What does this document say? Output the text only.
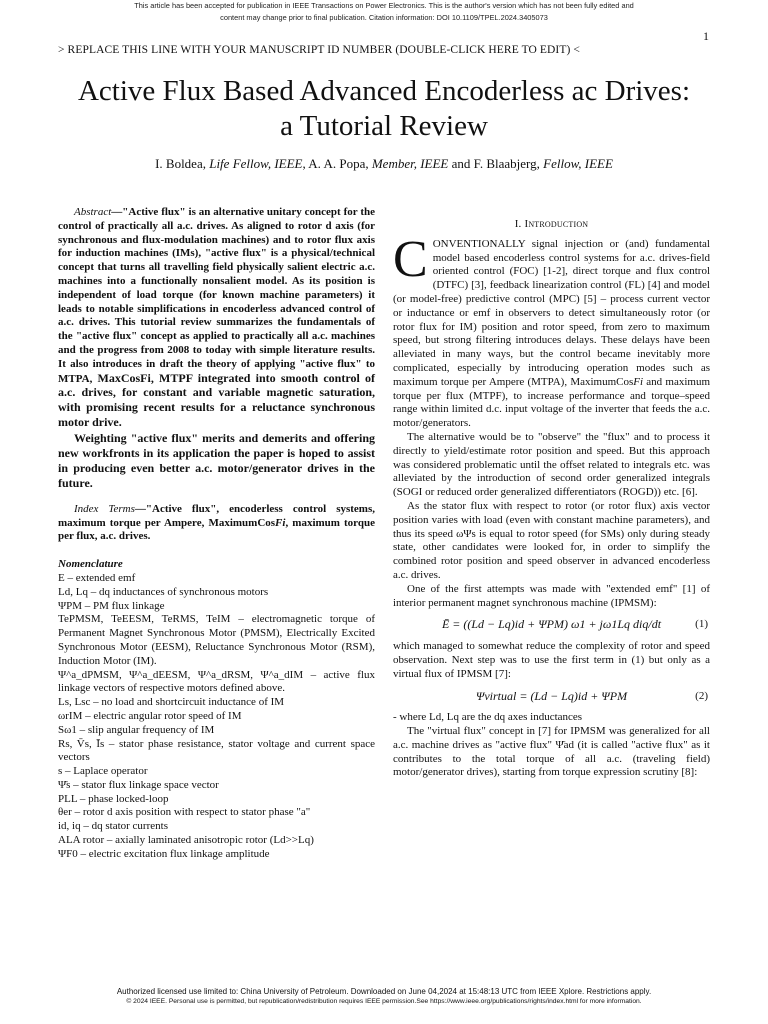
This article has been accepted for publication in IEEE Transactions on Power Electronics. This is the author's version which has not been fully edited and
content may change prior to final publication. Citation information: DOI 10.1109/TPEL.2024.3405073
1
> REPLACE THIS LINE WITH YOUR MANUSCRIPT ID NUMBER (DOUBLE-CLICK HERE TO EDIT) <
Active Flux Based Advanced Encoderless ac Drives:
a Tutorial Review
I. Boldea, Life Fellow, IEEE, A. A. Popa, Member, IEEE and F. Blaabjerg, Fellow, IEEE

Abstract—"Active flux" is an alternative unitary concept for the control of practically all a.c. drives. As aligned to rotor d axis (for synchronous and flux-modulation machines) and to rotor flux axis for induction machines (IMs), "active flux" is a physical/technical concept that turns all travelling field physically salient electric a.c. machines into a functionally nonsalient model. As its position is independent of load torque (for known machine parameters) it leads to notable simplifications in encoderless advanced control of a.c. drives. This tutorial review summarizes the fundamentals of the "active flux" concept as applied to practically all a.c. machines and the progress from 2008 to today with simple literature results. It also introduces in draft the theory of applying "active flux" to MTPA, MaxCosFi, MTPF integrated into smooth control of a.c. drives, for constant and variable magnetic saturation, with promising recent results for a reluctance synchronous motor drive.

Weighting "active flux" merits and demerits and offering new workfronts in its application the paper is hoped to assist in producing even better a.c. motor/generator drives in the future.

Index Terms—"Active flux", encoderless control systems, maximum torque per Ampere, MaximumCosFi, maximum torque per flux, a.c. drives.

Nomenclature
E – extended emf
Ld, Lq – dq inductances of synchronous motors
ΨPM – PM flux linkage
TePMSM, TeEESM, TeRMS, TeIM – electromagnetic torque of Permanent Magnet Synchronous Motor (PMSM), Electrically Excited Synchronous Motor (EESM), Reluctance Synchronous Motor (RSM), Induction Motor (IM).
Ψ^a_dPMSM, Ψ^a_dEESM, Ψ^a_dRSM, Ψ^a_dIM – active flux linkage vectors of respective motors defined above.
Ls, Lsc – no load and shortcircuit inductance of IM
ωrIM – electric angular rotor speed of IM
Sω1 – slip angular frequency of IM
Rs, V̄s, Īs – stator phase resistance, stator voltage and current space vectors
s – Laplace operator
Ψ̄s – stator flux linkage space vector
PLL – phase locked-loop
θer – rotor d axis position with respect to stator phase "a"
id, iq – dq stator currents
ALA rotor – axially laminated anisotropic rotor (Ld>>Lq)
ΨF0 – electric excitation flux linkage amplitude
I. Introduction

CONVENTIONALLY signal injection or (and) fundamental model based encoderless control systems for a.c. drives-field oriented control (FOC) [1-2], direct torque and flux control (DTFC) [3], feedback linearization control (FL) [4] and model (or model-free) predictive control (MPC) [5] – process current vector or inductance or emf in observers to detect simultaneously rotor (or rotor flux for IM) position and rotor speed, from zero to maximum speed, but strong filtering introduces delays. These delays have been alleviated in many ways, but the control became inevitably more complicated, especially by introducing operation modes such as maximum torque per Ampere (MTPA), MaximumCosFi and maximum torque per flux (MTPF), to increase performance and torque–speed range within limited d.c. input voltage of the inverter that feeds the a.c. motor/generators.

The alternative would be to "observe" the "flux" and to process it directly to yield/estimate rotor position and speed. But this approach was considered problematic until the offset related to integrals etc. was alleviated by the introduction of second order generalized integrals (SOGI or reduced order generalized differentiators (ROGD)) etc. [6].

As the stator flux with respect to rotor (or rotor flux) axis vector position varies with load (even with constant machine parameters), and thus its speed ωΨs is equal to rotor speed (for SMs) only during steady state, other candidates were looked for, in order to simplify the combined rotor position and speed observer in advanced encoderless a.c. drives.

One of the first attempts was made with "extended emf" [1] of interior permanent magnet synchronous machine (IPMSM):

Ē = ((Ld − Lq)id + ΨPM) ω1 + jω1Lq diq/dt	(1)

which managed to somewhat reduce the complexity of rotor and speed observation. Next step was to use the first term in (1) but only as a virtual flux of IPMSM [7]:

Ψvirtual = (Ld − Lq)id + ΨPM	(2)

- where Ld, Lq are the dq axes inductances

The "virtual flux" concept in [7] for IPMSM was generalized for all a.c. machine drives as "active flux" Ψ̄ad (it is called "active flux" as it contributes to the total torque of all a.c. (traveling field) motor/generator drives), starting from torque expression scrutiny [8]:

Authorized licensed use limited to: China University of Petroleum. Downloaded on June 04,2024 at 15:48:13 UTC from IEEE Xplore. Restrictions apply.
© 2024 IEEE. Personal use is permitted, but republication/redistribution requires IEEE permission.See https://www.ieee.org/publications/rights/index.html for more information.
